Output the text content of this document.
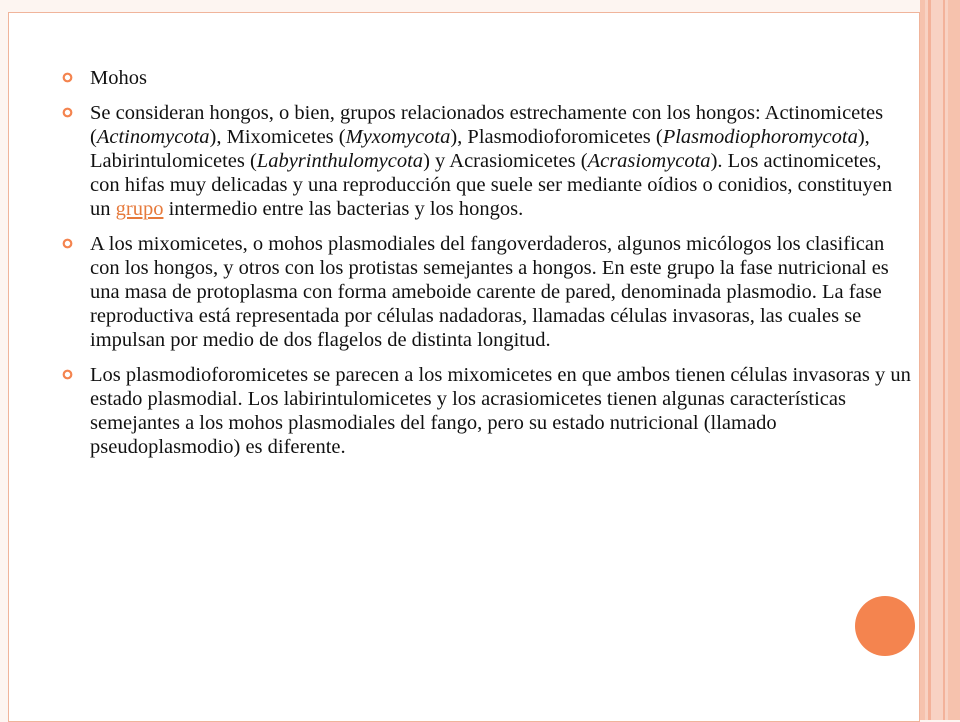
Mohos
Se consideran hongos, o bien, grupos relacionados estrechamente con los hongos: Actinomicetes (Actinomycota), Mixomicetes (Myxomycota), Plasmodioforomicetes (Plasmodiophoromycota), Labirintulomicetes (Labyrinthulomycota) y Acrasiomicetes (Acrasiomycota). Los actinomicetes, con hifas muy delicadas y una reproducción que suele ser mediante oídios o conidios, constituyen un grupo intermedio entre las bacterias y los hongos.
A los mixomicetes, o mohos plasmodiales del fangoverdaderos, algunos micólogos los clasifican con los hongos, y otros con los protistas semejantes a hongos. En este grupo la fase nutricional es una masa de protoplasma con forma ameboide carente de pared, denominada plasmodio. La fase reproductiva está representada por células nadadoras, llamadas células invasoras, las cuales se impulsan por medio de dos flagelos de distinta longitud.
Los plasmodioforomicetes se parecen a los mixomicetes en que ambos tienen células invasoras y un estado plasmodial. Los labirintulomicetes y los acrasiomicetes tienen algunas características semejantes a los mohos plasmodiales del fango, pero su estado nutricional (llamado pseudoplasmodio) es diferente.
